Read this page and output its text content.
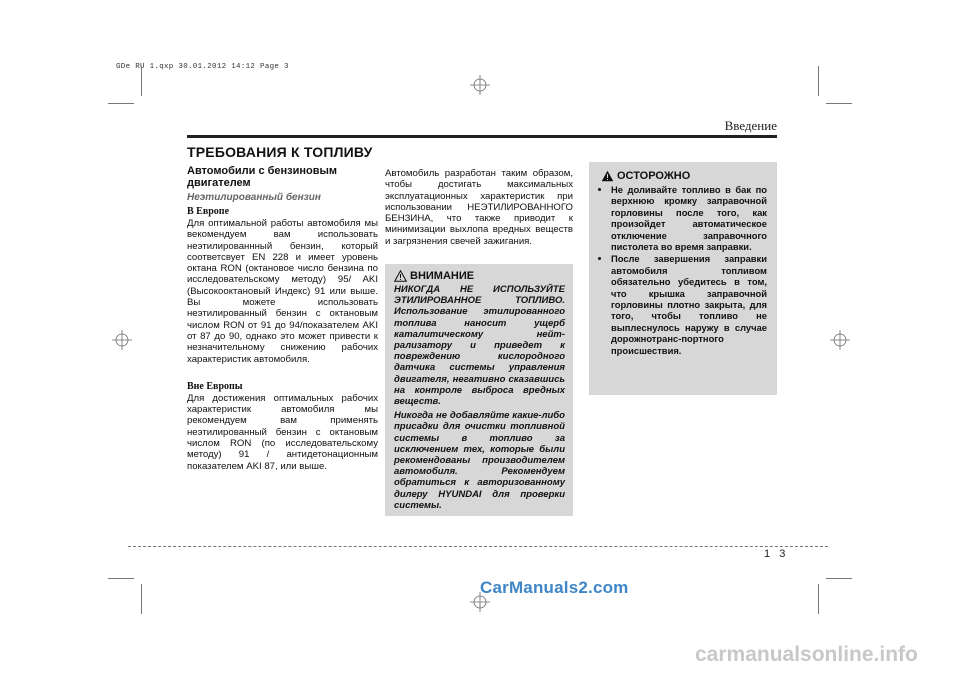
GDe RU 1.qxp 30.01.2012 14:12 Page 3
Введение
ТРЕБОВАНИЯ К ТОПЛИВУ
Автомобили с бензиновым двигателем
Неэтилированный бензин
В Европе
Для оптимальной работы автомобиля мы векомендуем вам использовать неэтилированнный бензин, который соответсвует EN 228 и имеет уровень октана RON (октановое число бензина по исследовательскому методу) 95/ AKI (Высокооктановый Индекс) 91 или выше. Вы можете использовать неэтилированный бензин с октановым числом RON от 91 до 94/показателем AKI от 87 до 90, однако это может привести к незначительному снижению рабочих характеристик автомобиля.
Вне Европы
Для достижения оптимальных рабочих характеристик автомобиля мы рекомендуем вам применять неэтилированный бензин с октановым числом RON (по исследовательскому методу) 91 / антидетонационным показателем AKI 87, или выше.
Автомобиль разработан таким образом, чтобы достигать максимальных эксплуатационных характеристик при использовании НЕЭТИЛИРОВАННОГО БЕНЗИНА, что также приводит к минимизации выхлопа вредных веществ и загрязнения свечей зажигания.
ВНИМАНИЕ

НИКОГДА НЕ ИСПОЛЬЗУЙТЕ ЭТИЛИРОВАННОЕ ТОПЛИВО. Использование этилированного топлива наносит ущерб каталитическому нейт-рализатору и приведет к повреждению кислородного датчика системы управления двигателя, негативно сказавшись на контроле выброса вредных веществ.

Никогда не добавляйте какие-либо присадки для очистки топливной системы в топливо за исключением тех, которые были рекомендованы производителем автомобиля. Рекомендуем обратиться к авторизованному дилеру HYUNDAI для проверки системы.

ОСТОРОЖНО
• Не доливайте топливо в бак по верхнюю кромку заправочной горловины после того, как произойдет автоматическое отключение заправочного пистолета во время заправки.
• После завершения заправки автомобиля топливом обязательно убедитесь в том, что крышка заправочной горловины плотно закрыта, для того, чтобы топливо не выплеснулось наружу в случае дорожнотранс-портного происшествия.
1   3
CarManuals2.com
carmanualsonline.info
